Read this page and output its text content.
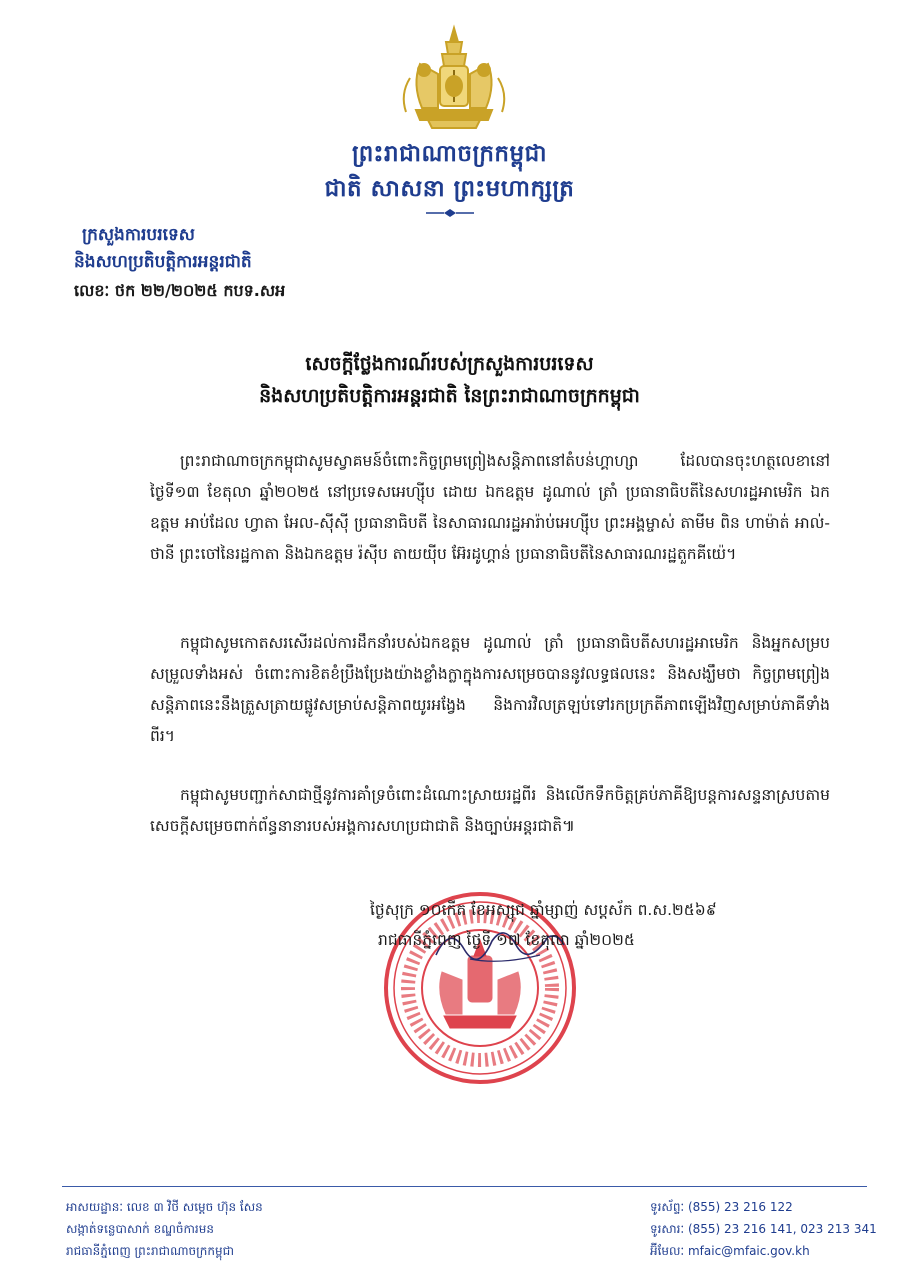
ព្រះរាជាណាចក្រកម្ពុជា
ជាតិ សាសនា ព្រះមហាក្សត្រ
ក្រសួងការបរទេស
និងសហប្រតិបត្តិការអន្តរជាតិ
លេខៈ ថក ២២/២០២៥ កបទ.សអ
សេចក្ដីថ្លែងការណ៍របស់ក្រសួងការបរទេស
និងសហប្រតិបត្តិការអន្តរជាតិ នៃព្រះរាជាណាចក្រកម្ពុជា
ព្រះរាជាណាចក្រកម្ពុជាសូមស្វាគមន៍ចំពោះកិច្ចព្រមព្រៀងសន្តិភាពនៅតំបន់ហ្គាហ្សា ដែលបានចុះហត្ថលេខានៅថ្ងៃទី១៣ ខែតុលា ឆ្នាំ២០២៥ នៅប្រទេសអេហ្ស៊ីប ដោយ ឯកឧត្តម ដូណាល់ ត្រាំ ប្រធានាធិបតីនៃសហរដ្ឋអាមេរិក ឯកឧត្តម អាប់ដែល ហ្វាតា អែល-ស៊ីស៊ី ប្រធានាធិបតី នៃសាធារណរដ្ឋអារ៉ាប់អេហ្ស៊ីប ព្រះអង្គម្ចាស់ តាមីម ពិន ហាម៉ាត់ អាល់-ថានី ព្រះចៅនៃរដ្ឋកាតា និងឯកឧត្តម រ៉ស៊ីប តាយយ៉ីប អ៊ែរដូហ្គាន់ ប្រធានាធិបតីនៃសាធារណរដ្ឋតួកគីយ៉េ។
កម្ពុជាសូមកោតសរសើរដល់ការដឹកនាំរបស់ឯកឧត្តម ដូណាល់ ត្រាំ ប្រធានាធិបតីសហរដ្ឋអាមេរិក និងអ្នកសម្របសម្រួលទាំងអស់ ចំពោះការខិតខំប្រឹងប្រែងយ៉ាងខ្លាំងក្លាក្នុងការសម្រេចបាននូវលទ្ធផលនេះ និងសង្ឃឹមថា កិច្ចព្រមព្រៀងសន្តិភាពនេះនឹងត្រួសត្រាយផ្លូវសម្រាប់សន្តិភាពយូរអង្វែង និងការវិលត្រឡប់ទៅរកប្រក្រតីភាពឡើងវិញសម្រាប់ភាគីទាំងពីរ។
កម្ពុជាសូមបញ្ជាក់សាជាថ្មីនូវការគាំទ្រចំពោះដំណោះស្រាយរដ្ឋពីរ និងលើកទឹកចិត្តគ្រប់ភាគីឱ្យបន្តការសន្ទនាស្របតាមសេចក្ដីសម្រេចពាក់ព័ន្ធនានារបស់អង្គការសហប្រជាជាតិ និងច្បាប់អន្តរជាតិ៕
ថ្ងៃសុក្រ ១០កើត ខែអស្សុជ ឆ្នាំម្សាញ់ សប្តស័ក ព.ស.២៥៦៩
រាជធានីភ្នំពេញ ថ្ងៃទី ១៧ ខែតុលា ឆ្នាំ២០២៥
អាសយដ្ឋានៈ លេខ ៣ វិថី សម្តេច ហ៊ុន សែន
សង្កាត់ទន្លេបាសាក់ ខណ្ឌចំការមន
រាជធានីភ្នំពេញ ព្រះរាជាណាចក្រកម្ពុជា
ទូរស័ព្ទៈ (855) 23 216 122
ទូរសារៈ (855) 23 216 141, 023 213 341
អ៊ីមែលៈ mfaic@mfaic.gov.kh
